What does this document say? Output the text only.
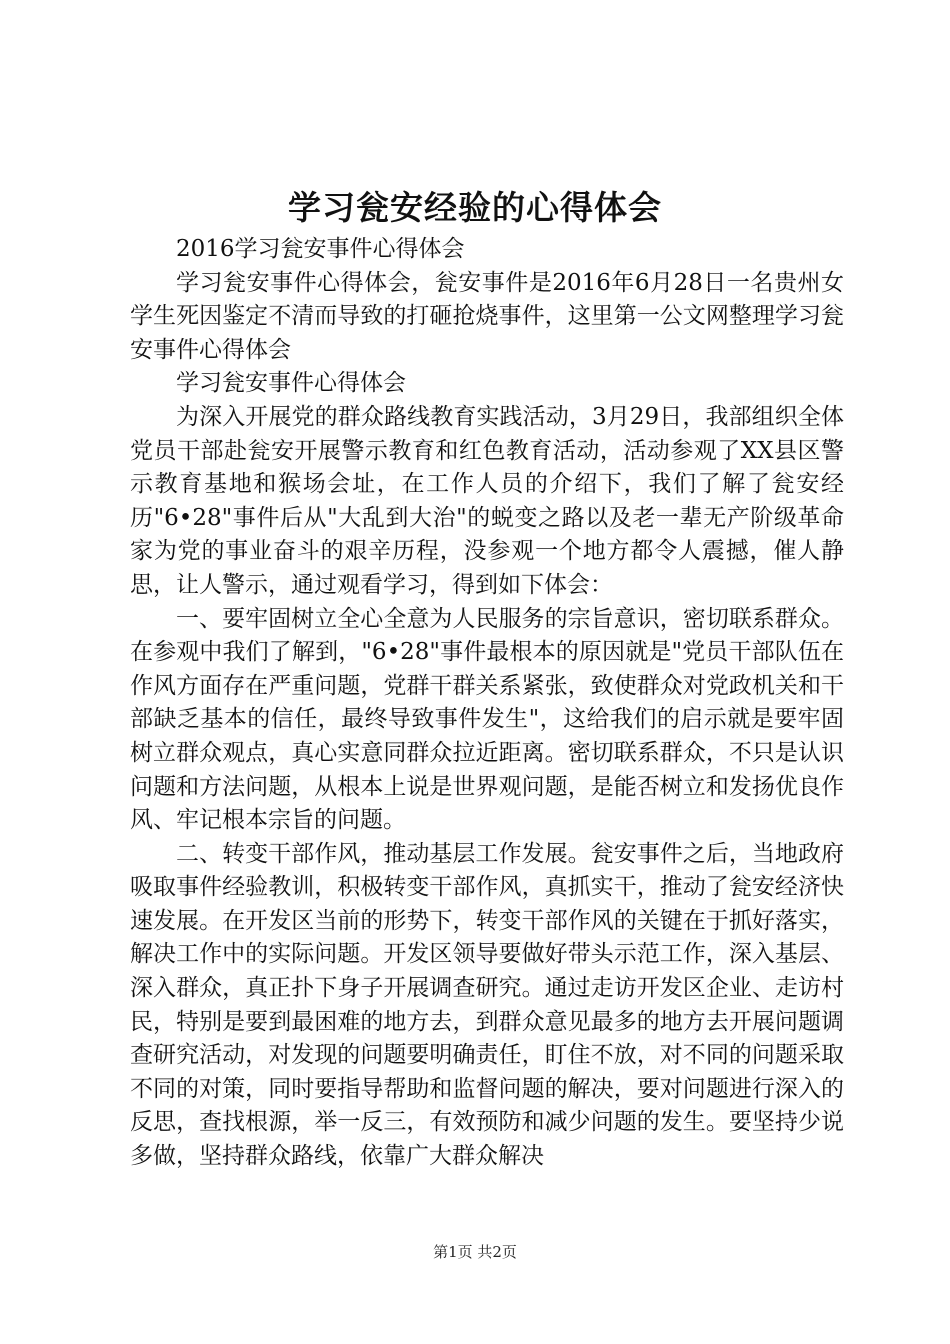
学习瓮安经验的心得体会

2016学习瓮安事件心得体会

学习瓮安事件心得体会，瓮安事件是2016年6月28日一名贵州女学生死因鉴定不清而导致的打砸抢烧事件，这里第一公文网整理学习瓮安事件心得体会

学习瓮安事件心得体会

为深入开展党的群众路线教育实践活动，3月29日，我部组织全体党员干部赴瓮安开展警示教育和红色教育活动，活动参观了XX县区警示教育基地和猴场会址，在工作人员的介绍下，我们了解了瓮安经历"6•28"事件后从"大乱到大治"的蜕变之路以及老一辈无产阶级革命家为党的事业奋斗的艰辛历程，没参观一个地方都令人震撼，催人静思，让人警示，通过观看学习，得到如下体会：

一、要牢固树立全心全意为人民服务的宗旨意识，密切联系群众。在参观中我们了解到，"6•28"事件最根本的原因就是"党员干部队伍在作风方面存在严重问题，党群干群关系紧张，致使群众对党政机关和干部缺乏基本的信任，最终导致事件发生"，这给我们的启示就是要牢固树立群众观点，真心实意同群众拉近距离。密切联系群众，不只是认识问题和方法问题，从根本上说是世界观问题，是能否树立和发扬优良作风、牢记根本宗旨的问题。

二、转变干部作风，推动基层工作发展。瓮安事件之后，当地政府吸取事件经验教训，积极转变干部作风，真抓实干，推动了瓮安经济快速发展。在开发区当前的形势下，转变干部作风的关键在于抓好落实，解决工作中的实际问题。开发区领导要做好带头示范工作，深入基层、深入群众，真正扑下身子开展调查研究。通过走访开发区企业、走访村民，特别是要到最困难的地方去，到群众意见最多的地方去开展问题调查研究活动，对发现的问题要明确责任，盯住不放，对不同的问题采取不同的对策，同时要指导帮助和监督问题的解决，要对问题进行深入的反思，查找根源，举一反三，有效预防和减少问题的发生。要坚持少说多做，坚持群众路线，依靠广大群众解决

第1页 共2页
